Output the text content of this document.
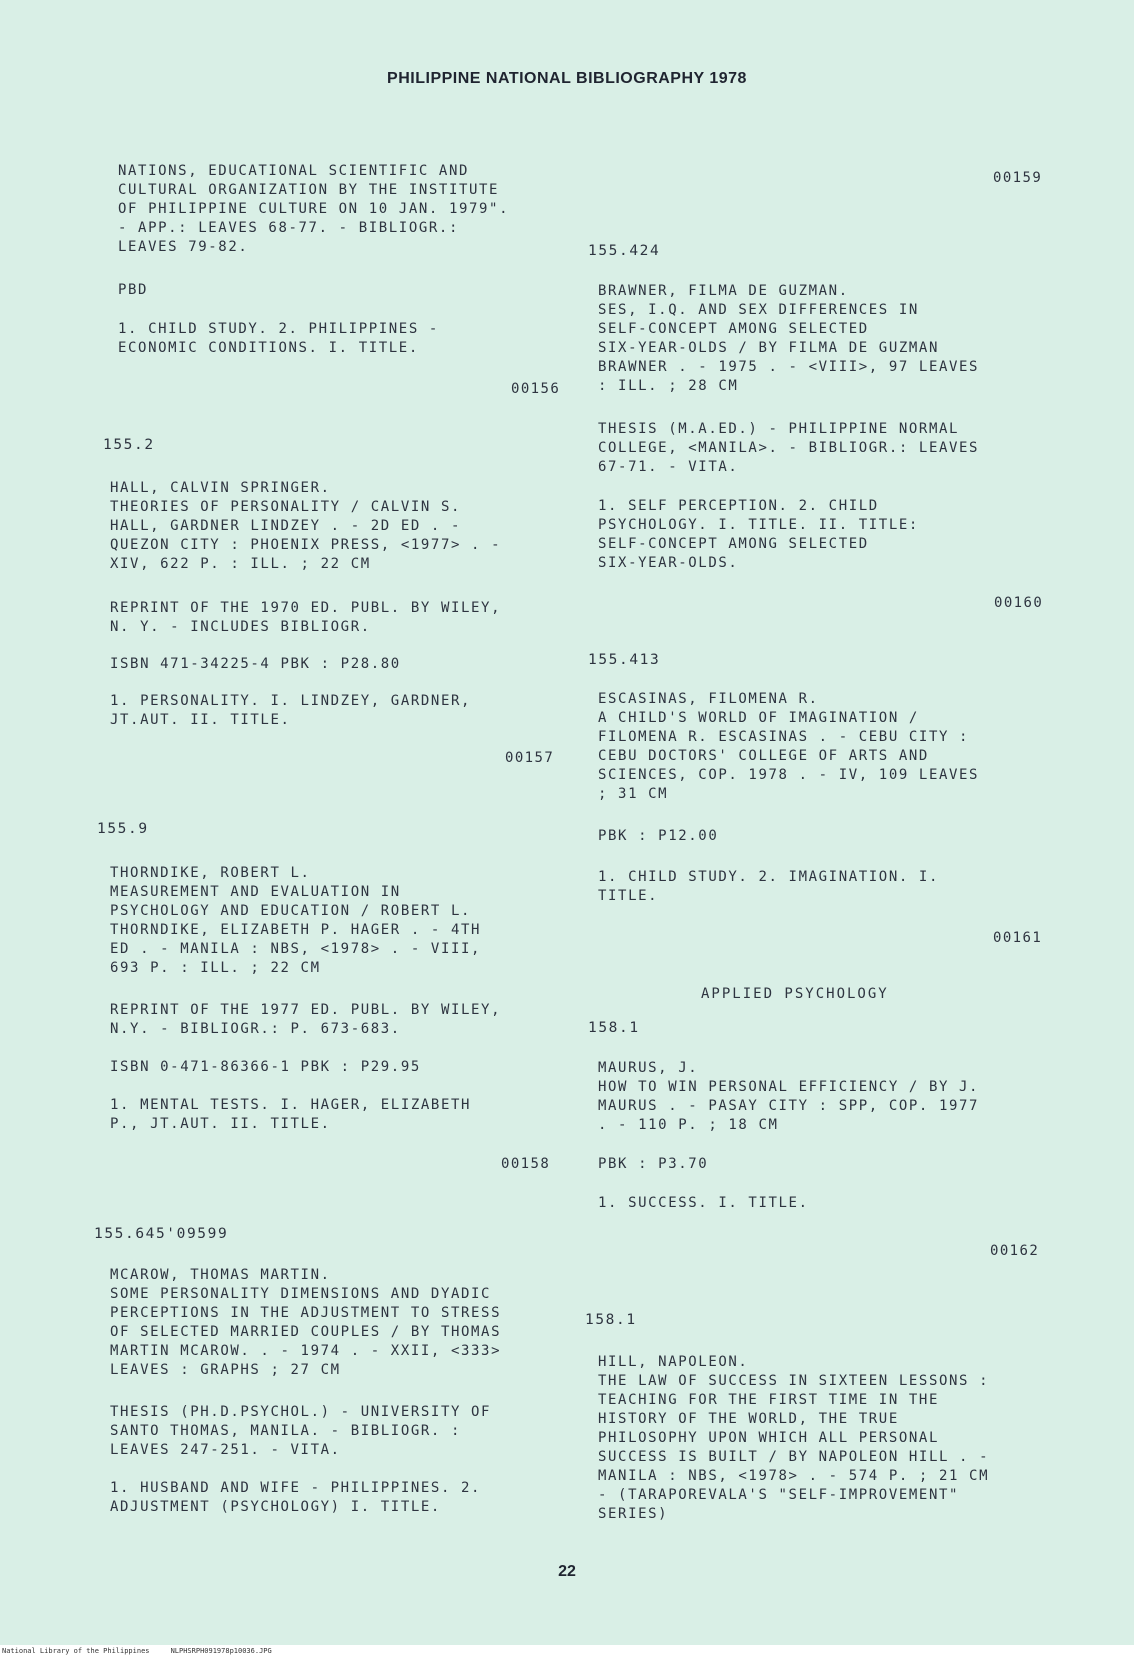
PHILIPPINE NATIONAL BIBLIOGRAPHY 1978
NATIONS, EDUCATIONAL SCIENTIFIC AND
CULTURAL ORGANIZATION BY THE INSTITUTE
OF PHILIPPINE CULTURE ON 10 JAN. 1979".
- APP.: LEAVES 68-77. - BIBLIOGR.:
LEAVES 79-82.
PBD
1. CHILD STUDY. 2. PHILIPPINES -
ECONOMIC CONDITIONS. I. TITLE.
00156
155.2
HALL, CALVIN SPRINGER.
THEORIES OF PERSONALITY / CALVIN S.
HALL, GARDNER LINDZEY . - 2D ED . -
QUEZON CITY : PHOENIX PRESS, <1977> . -
XIV, 622 P. : ILL. ; 22 CM
REPRINT OF THE 1970 ED. PUBL. BY WILEY,
N. Y. - INCLUDES BIBLIOGR.
ISBN 471-34225-4 PBK : P28.80
1. PERSONALITY. I. LINDZEY, GARDNER,
JT.AUT. II. TITLE.
00157
155.9
THORNDIKE, ROBERT L.
MEASUREMENT AND EVALUATION IN
PSYCHOLOGY AND EDUCATION / ROBERT L.
THORNDIKE, ELIZABETH P. HAGER . - 4TH
ED . - MANILA : NBS, <1978> . - VIII,
693 P. : ILL. ; 22 CM
REPRINT OF THE 1977 ED. PUBL. BY WILEY,
N.Y. - BIBLIOGR.: P. 673-683.
ISBN 0-471-86366-1 PBK : P29.95
1. MENTAL TESTS. I. HAGER, ELIZABETH
P., JT.AUT. II. TITLE.
00158
155.645'09599
MCAROW, THOMAS MARTIN.
SOME PERSONALITY DIMENSIONS AND DYADIC
PERCEPTIONS IN THE ADJUSTMENT TO STRESS
OF SELECTED MARRIED COUPLES / BY THOMAS
MARTIN MCAROW. . - 1974 . - XXII, <333>
LEAVES : GRAPHS ; 27 CM
THESIS (PH.D.PSYCHOL.) - UNIVERSITY OF
SANTO THOMAS, MANILA. - BIBLIOGR. :
LEAVES 247-251. - VITA.
1. HUSBAND AND WIFE - PHILIPPINES. 2.
ADJUSTMENT (PSYCHOLOGY) I. TITLE.
00159
155.424
BRAWNER, FILMA DE GUZMAN.
SES, I.Q. AND SEX DIFFERENCES IN
SELF-CONCEPT AMONG SELECTED
SIX-YEAR-OLDS / BY FILMA DE GUZMAN
BRAWNER . - 1975 . - <VIII>, 97 LEAVES
: ILL. ; 28 CM
THESIS (M.A.ED.) - PHILIPPINE NORMAL
COLLEGE, <MANILA>. - BIBLIOGR.: LEAVES
67-71. - VITA.
1. SELF PERCEPTION. 2. CHILD
PSYCHOLOGY. I. TITLE. II. TITLE:
SELF-CONCEPT AMONG SELECTED
SIX-YEAR-OLDS.
00160
155.413
ESCASINAS, FILOMENA R.
A CHILD'S WORLD OF IMAGINATION /
FILOMENA R. ESCASINAS . - CEBU CITY :
CEBU DOCTORS' COLLEGE OF ARTS AND
SCIENCES, COP. 1978 . - IV, 109 LEAVES
; 31 CM
PBK : P12.00
1. CHILD STUDY. 2. IMAGINATION. I.
TITLE.
00161
APPLIED PSYCHOLOGY
158.1
MAURUS, J.
HOW TO WIN PERSONAL EFFICIENCY / BY J.
MAURUS . - PASAY CITY : SPP, COP. 1977
. - 110 P. ; 18 CM
PBK : P3.70
1. SUCCESS. I. TITLE.
00162
158.1
HILL, NAPOLEON.
THE LAW OF SUCCESS IN SIXTEEN LESSONS :
TEACHING FOR THE FIRST TIME IN THE
HISTORY OF THE WORLD, THE TRUE
PHILOSOPHY UPON WHICH ALL PERSONAL
SUCCESS IS BUILT / BY NAPOLEON HILL . -
MANILA : NBS, <1978> . - 574 P. ; 21 CM
- (TARAPOREVALA'S "SELF-IMPROVEMENT"
SERIES)
22
National Library of the Philippines     NLPHSRPH091978p10036.JPG
